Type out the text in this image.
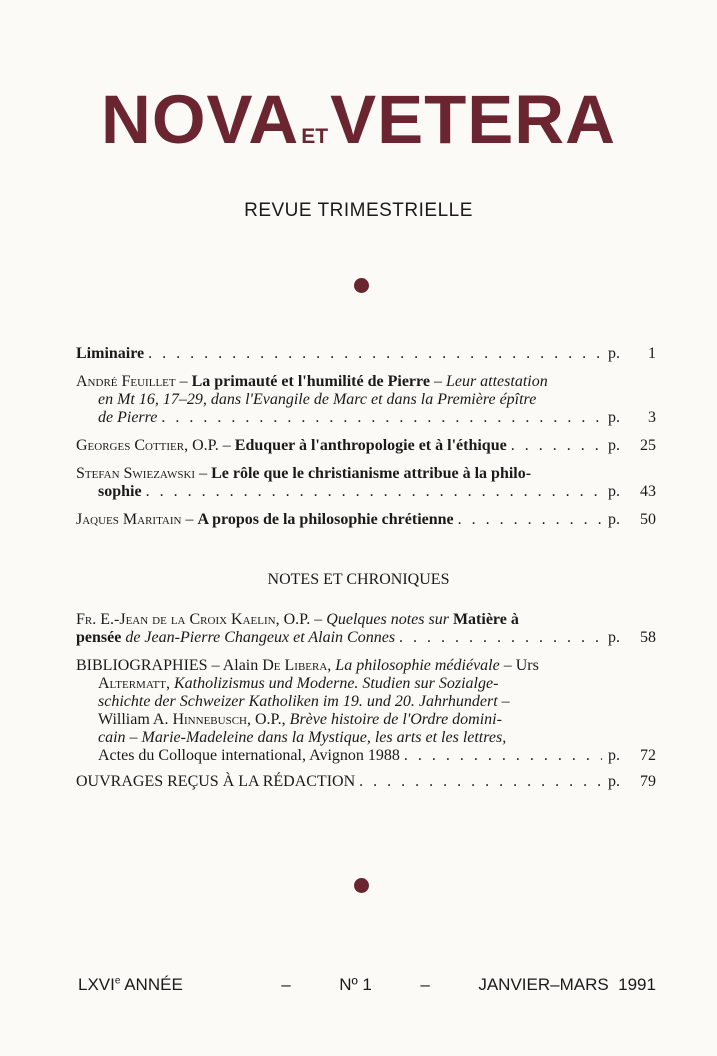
NOVAETVETERA
REVUE TRIMESTRIELLE
Liminaire . . .	p. 1
André Feuillet – La primauté et l'humilité de Pierre – Leur attestation
en Mt 16, 17–29, dans l'Evangile de Marc et dans la Première épître
de Pierre . . .	p. 3
Georges Cottier, O.P. – Eduquer à l'anthropologie et à l'éthique . . .	p. 25
Stefan Swiezawski – Le rôle que le christianisme attribue à la philo-
sophie . . .	p. 43
Jaques Maritain – A propos de la philosophie chrétienne . . .	p. 50
NOTES ET CHRONIQUES
Fr. E.-Jean de la Croix Kaelin, O.P. – Quelques notes sur Matière à
pensée de Jean-Pierre Changeux et Alain Connes . . .	p. 58
BIBLIOGRAPHIES – Alain De Libera, La philosophie médiévale – Urs
Altermatt, Katholizismus und Moderne. Studien sur Sozialge-
schichte der Schweizer Katholiken im 19. und 20. Jahrhundert –
William A. Hinnebusch, O.P., Brève histoire de l'Ordre domini-
cain – Marie-Madeleine dans la Mystique, les arts et les lettres,
Actes du Colloque international, Avignon 1988 . . .	p. 72
OUVRAGES REÇUS À LA RÉDACTION . . .	p. 79
LXVIe ANNÉE	–	Nº 1	–	JANVIER–MARS  1991
